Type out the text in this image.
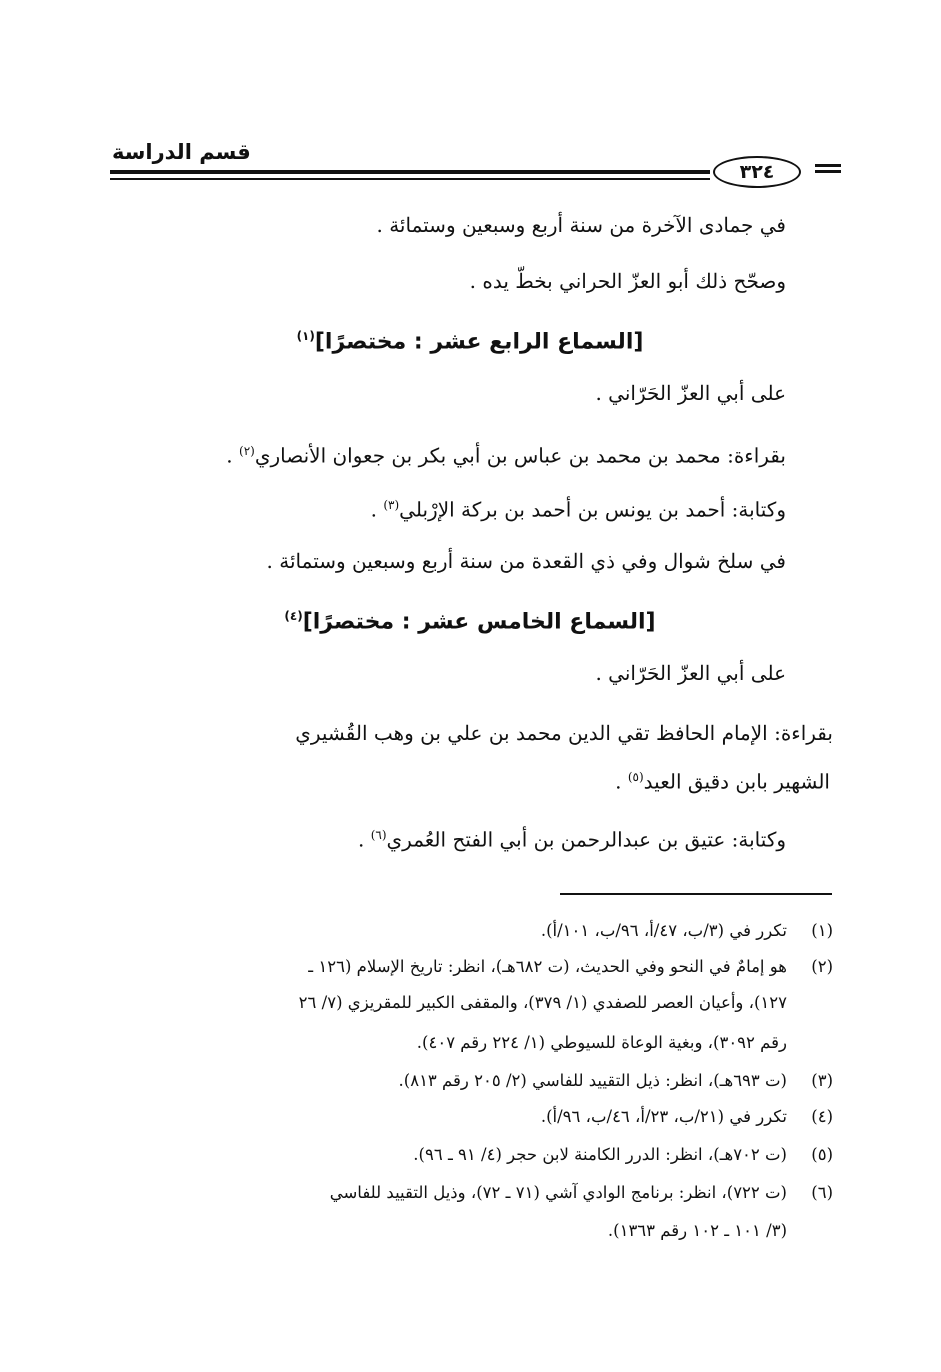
قسم الدراسة
٣٢٤
في جمادى الآخرة من سنة أربع وسبعين وستمائة .
وصحّح ذلك أبو العزّ الحراني بخطّ يده .
[السماع الرابع عشر : مختصرًا]$^{(١)}$
على أبي العزّ الحَرّاني .
بقراءة: محمد بن محمد بن عباس بن أبي بكر بن جعوان الأنصاري$^{(٢)}$ .
وكتابة: أحمد بن يونس بن أحمد بن بركة الإرْبلي$^{(٣)}$ .
في سلخ شوال وفي ذي القعدة من سنة أربع وسبعين وستمائة .
[السماع الخامس عشر : مختصرًا]$^{(٤)}$
على أبي العزّ الحَرّاني .
بقراءة: الإمام الحافظ تقي الدين محمد بن علي بن وهب القُشيري
الشهير بابن دقيق العيد$^{(٥)}$ .
وكتابة: عتيق بن عبدالرحمن بن أبي الفتح العُمري$^{(٦)}$ .
(١)تكرر في (٣/ب، ٤٧/أ، ٩٦/ب، ١٠١/أ).
(٢)هو إمامٌ في النحو وفي الحديث، (ت ٦٨٢هـ)، انظر: تاريخ الإسلام (١٢٦ ـ
١٢٧)، وأعيان العصر للصفدي (١/ ٣٧٩)، والمقفى الكبير للمقريزي (٧/ ٢٦
رقم ٣٠٩٢)، وبغية الوعاة للسيوطي (١/ ٢٢٤ رقم ٤٠٧).
(٣)(ت ٦٩٣هـ)، انظر: ذيل التقييد للفاسي (٢/ ٢٠٥ رقم ٨١٣).
(٤)تكرر في (٢١/ب، ٢٣/أ، ٤٦/ب، ٩٦/أ).
(٥)(ت ٧٠٢هـ)، انظر: الدرر الكامنة لابن حجر (٤/ ٩١ ـ ٩٦).
(٦)(ت ٧٢٢)، انظر: برنامج الوادي آشي (٧١ ـ ٧٢)، وذيل التقييد للفاسي
(٣/ ١٠١ ـ ١٠٢ رقم ١٣٦٣).
